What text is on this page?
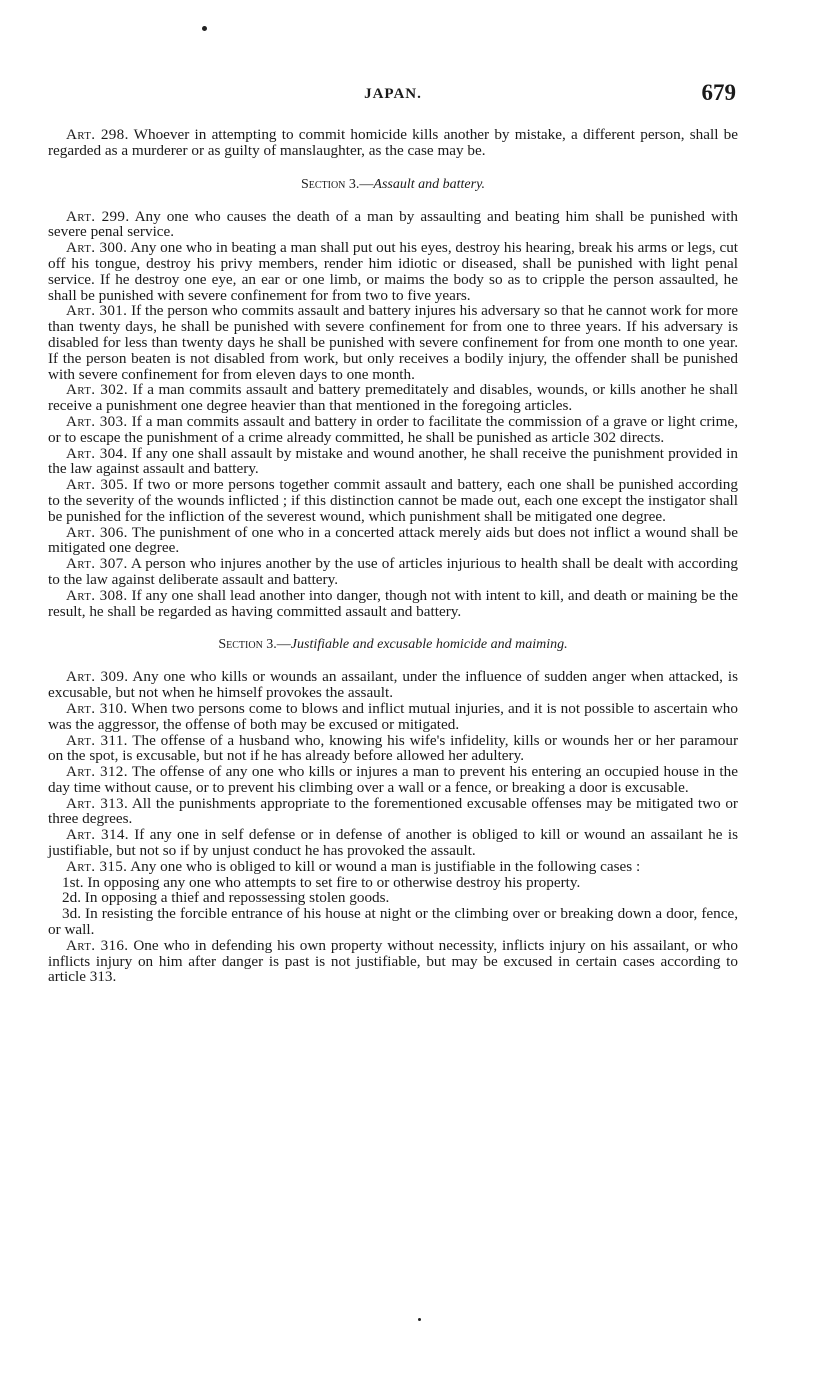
JAPAN.	679

Art. 298. Whoever in attempting to commit homicide kills another by mistake, a different person, shall be regarded as a murderer or as guilty of manslaughter, as the case may be.

Section 3.—Assault and battery.

Art. 299. Any one who causes the death of a man by assaulting and beating him shall be punished with severe penal service.

Art. 300. Any one who in beating a man shall put out his eyes, destroy his hearing, break his arms or legs, cut off his tongue, destroy his privy members, render him idiotic or diseased, shall be punished with light penal service. If he destroy one eye, an ear or one limb, or maims the body so as to cripple the person assaulted, he shall be punished with severe confinement for from two to five years.

Art. 301. If the person who commits assault and battery injures his adversary so that he cannot work for more than twenty days, he shall be punished with severe confinement for from one to three years. If his adversary is disabled for less than twenty days he shall be punished with severe confinement for from one month to one year. If the person beaten is not disabled from work, but only receives a bodily injury, the offender shall be punished with severe confinement for from eleven days to one month.

Art. 302. If a man commits assault and battery premeditately and disables, wounds, or kills another he shall receive a punishment one degree heavier than that mentioned in the foregoing articles.

Art. 303. If a man commits assault and battery in order to facilitate the commission of a grave or light crime, or to escape the punishment of a crime already committed, he shall be punished as article 302 directs.

Art. 304. If any one shall assault by mistake and wound another, he shall receive the punishment provided in the law against assault and battery.

Art. 305. If two or more persons together commit assault and battery, each one shall be punished according to the severity of the wounds inflicted ; if this distinction cannot be made out, each one except the instigator shall be punished for the infliction of the severest wound, which punishment shall be mitigated one degree.

Art. 306. The punishment of one who in a concerted attack merely aids but does not inflict a wound shall be mitigated one degree.

Art. 307. A person who injures another by the use of articles injurious to health shall be dealt with according to the law against deliberate assault and battery.

Art. 308. If any one shall lead another into danger, though not with intent to kill, and death or maining be the result, he shall be regarded as having committed assault and battery.

Section 3.—Justifiable and excusable homicide and maiming.

Art. 309. Any one who kills or wounds an assailant, under the influence of sudden anger when attacked, is excusable, but not when he himself provokes the assault.

Art. 310. When two persons come to blows and inflict mutual injuries, and it is not possible to ascertain who was the aggressor, the offense of both may be excused or mitigated.

Art. 311. The offense of a husband who, knowing his wife's infidelity, kills or wounds her or her paramour on the spot, is excusable, but not if he has already before allowed her adultery.

Art. 312. The offense of any one who kills or injures a man to prevent his entering an occupied house in the day time without cause, or to prevent his climbing over a wall or a fence, or breaking a door is excusable.

Art. 313. All the punishments appropriate to the forementioned excusable offenses may be mitigated two or three degrees.

Art. 314. If any one in self defense or in defense of another is obliged to kill or wound an assailant he is justifiable, but not so if by unjust conduct he has provoked the assault.

Art. 315. Any one who is obliged to kill or wound a man is justifiable in the following cases :

1st. In opposing any one who attempts to set fire to or otherwise destroy his property.

2d. In opposing a thief and repossessing stolen goods.

3d. In resisting the forcible entrance of his house at night or the climbing over or breaking down a door, fence, or wall.

Art. 316. One who in defending his own property without necessity, inflicts injury on his assailant, or who inflicts injury on him after danger is past is not justifiable, but may be excused in certain cases according to article 313.
